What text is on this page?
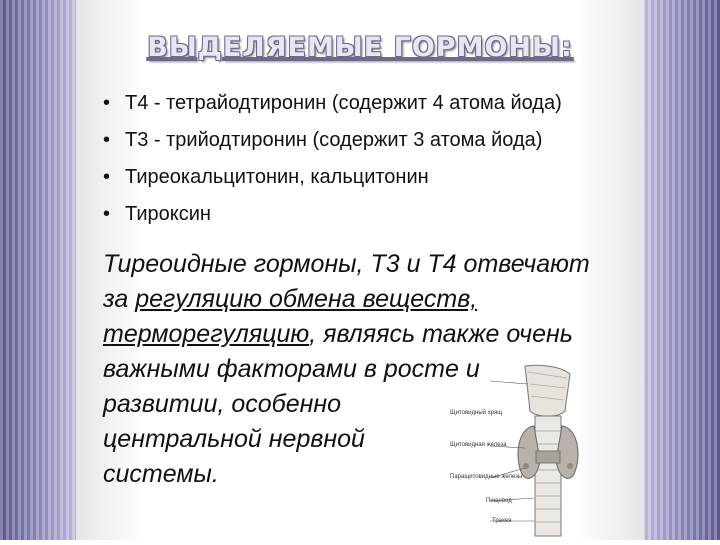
ВЫДЕЛЯЕМЫЕ ГОРМОНЫ:
• T4 - тетрайодтиронин (содержит 4 атома йода)
• T3 - трийодтиронин (содержит 3 атома йода)
• Тиреокальцитонин, кальцитонин
• Тироксин
Тиреоидные гормоны, Т3 и Т4 отвечают
за регуляцию обмена веществ,
терморегуляцию, являясь также очень
важными факторами в росте и
развитии, особенно
центральной нервной
системы.
Щитовидный хрящ
Щитовидная железа
Паращитовидные железы
Пищевод
Трахея
